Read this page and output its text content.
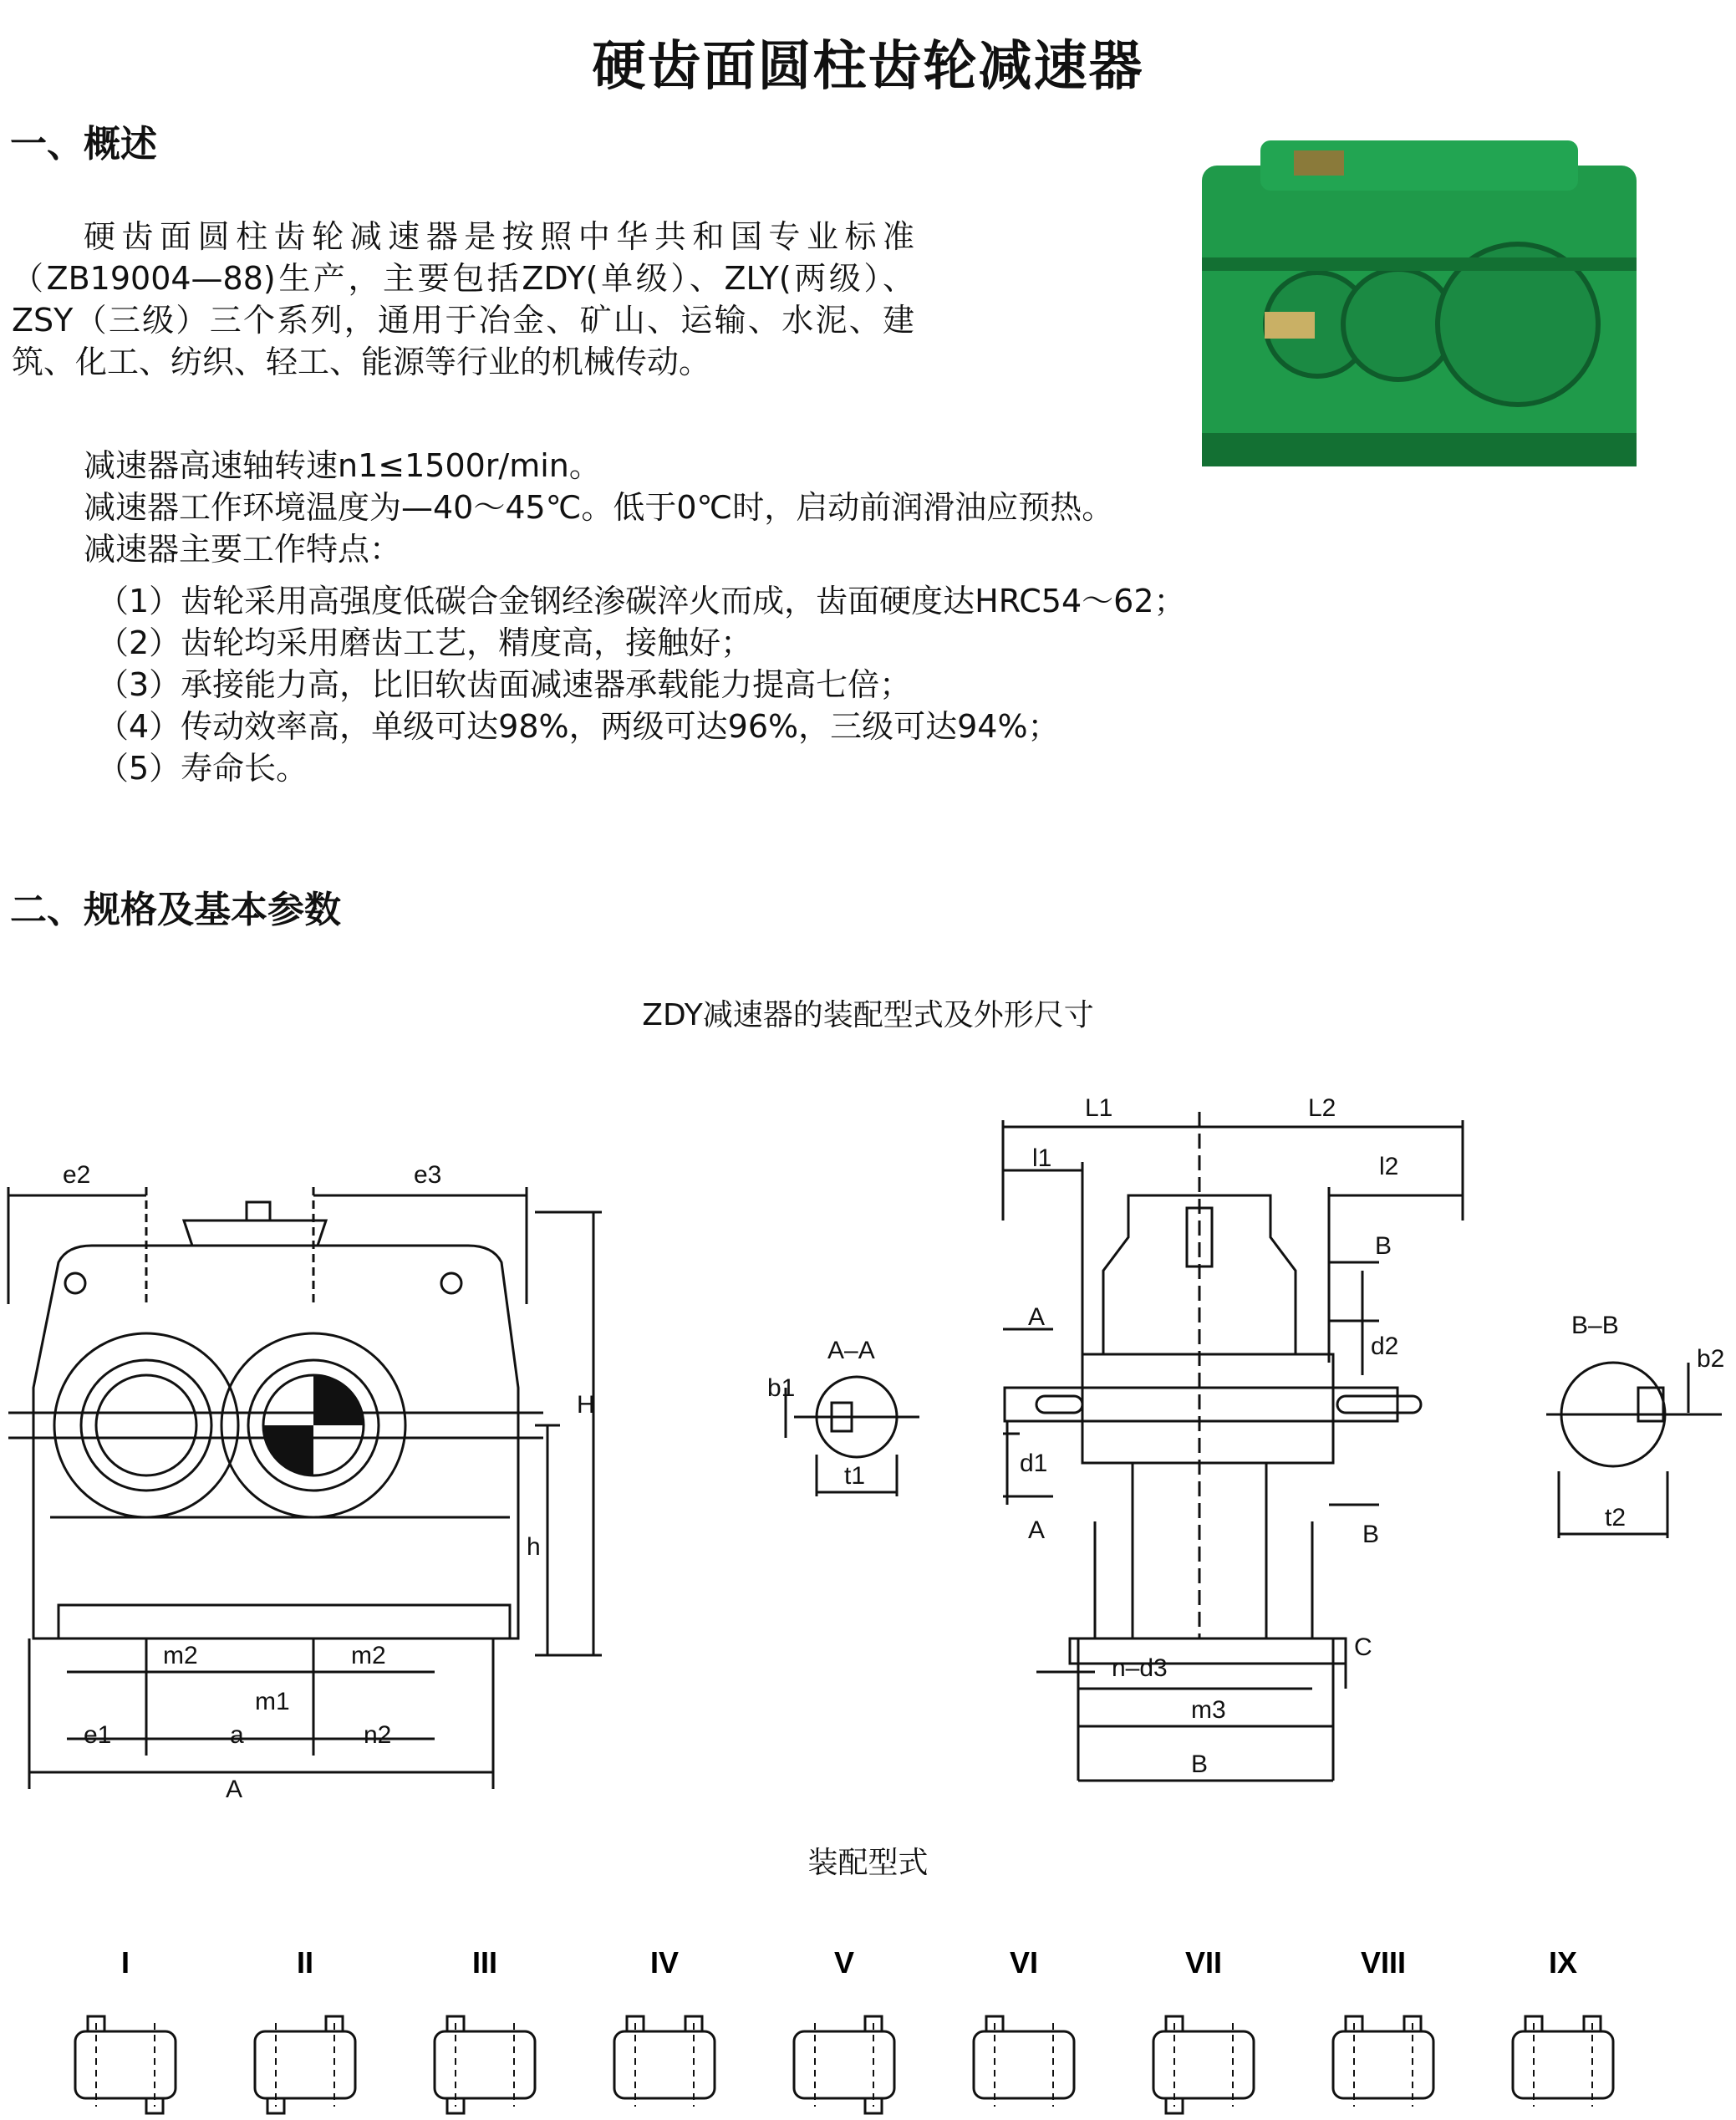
硬齿面圆柱齿轮减速器
一、概述

硬齿面圆柱齿轮减速器是按照中华共和国专业标准（ZB19004—88)生产，主要包括ZDY(单级）、ZLY(两级）、ZSY（三级）三个系列，通用于冶金、矿山、运输、水泥、建筑、化工、纺织、轻工、能源等行业的机械传动。

减速器高速轴转速n1≤1500r/min。
减速器工作环境温度为—40～45℃。低于0℃时，启动前润滑油应预热。
减速器主要工作特点：
（1）齿轮采用高强度低碳合金钢经渗碳淬火而成，齿面硬度达HRC54～62；
（2）齿轮均采用磨齿工艺，精度高，接触好；
（3）承接能力高，比旧软齿面减速器承载能力提高七倍；
（4）传动效率高，单级可达98%，两级可达96%，三级可达94%；
（5）寿命长。
二、规格及基本参数
ZDY减速器的装配型式及外形尺寸
e2	e3
H
h
m2	m2
m1
e1	a	n2
A
A–A
b1
t1
L1	L2
l1	l2
A
A
B
B
d1
d2
C
n–d3
m3
B
B–B
b2
t2
装配型式
I	II	III	IV	V	VI	VII	VIII	IX
